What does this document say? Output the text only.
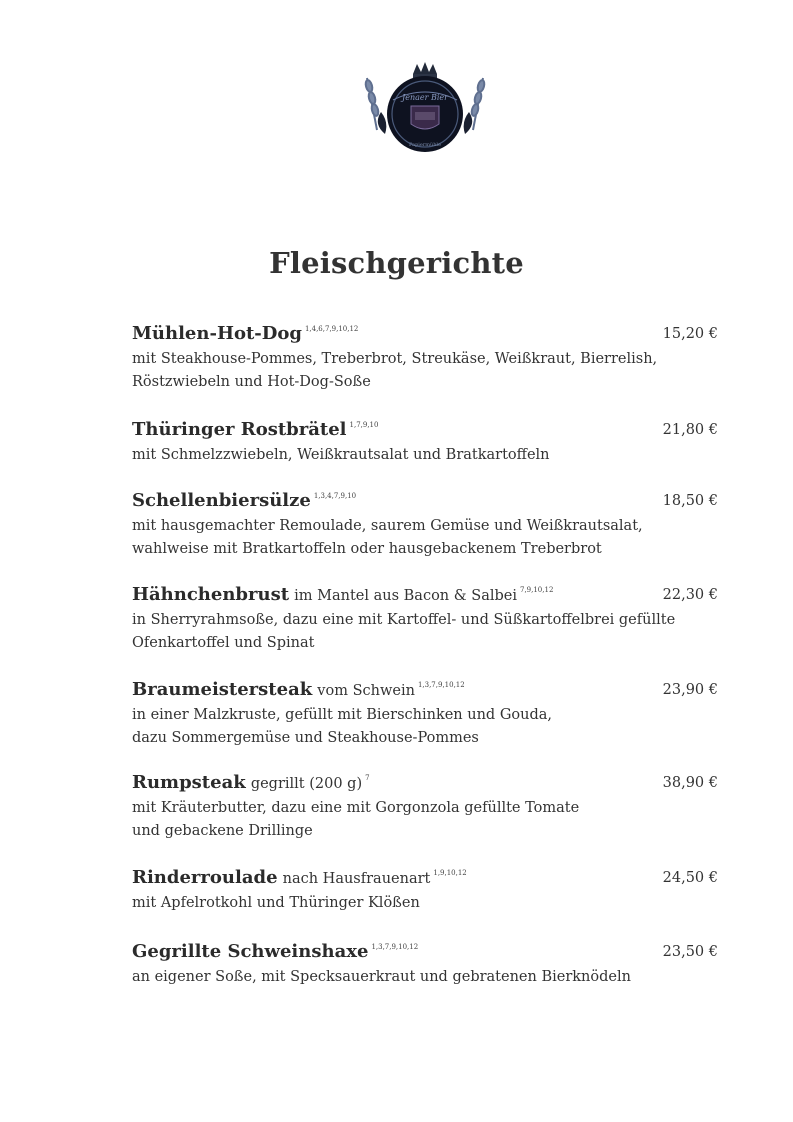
Jenaer Bier
Papiermühle
Fleischgerichte
Mühlen-Hot-Dog $^{1,4,6,7,9,10,12}$	15,20 €
mit Steakhouse-Pommes, Treberbrot, Streukäse, Weißkraut, Bierrelish,
Röstzwiebeln und Hot-Dog-Soße
Thüringer Rostbrätel $^{1,7,9,10}$	21,80 €
mit Schmelzzwiebeln, Weißkrautsalat und Bratkartoffeln
Schellenbiersülze $^{1,3,4,7,9,10}$	18,50 €
mit hausgemachter Remoulade, saurem Gemüse und Weißkrautsalat,
wahlweise mit Bratkartoffeln oder hausgebackenem Treberbrot
Hähnchenbrust im Mantel aus Bacon & Salbei $^{7,9,10,12}$	22,30 €
in Sherryrahmsoße, dazu eine mit Kartoffel- und Süßkartoffelbrei gefüllte
Ofenkartoffel und Spinat
Braumeistersteak vom Schwein $^{1,3,7,9,10,12}$	23,90 €
in einer Malzkruste, gefüllt mit Bierschinken und Gouda,
dazu Sommergemüse und Steakhouse-Pommes
Rumpsteak gegrillt (200 g) $^7$	38,90 €
mit Kräuterbutter, dazu eine mit Gorgonzola gefüllte Tomate
und gebackene Drillinge
Rinderroulade nach Hausfrauenart $^{1,9,10,12}$	24,50 €
mit Apfelrotkohl und Thüringer Klößen
Gegrillte Schweinshaxe $^{1,3,7,9,10,12}$	23,50 €
an eigener Soße, mit Specksauerkraut und gebratenen Bierknödeln
